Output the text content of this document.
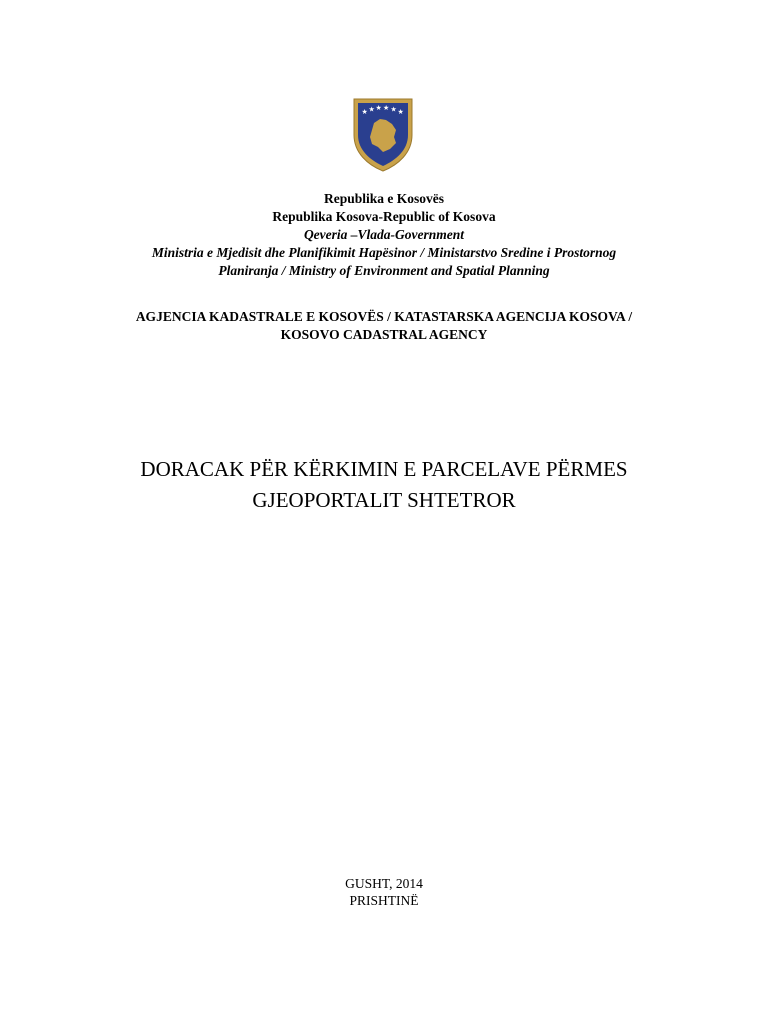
★ ★ ★ ★ ★ ★
Republika e Kosovës
Republika Kosova-Republic of Kosova
Qeveria –Vlada-Government
Ministria e Mjedisit dhe Planifikimit Hapësinor / Ministarstvo Sredine i Prostornog
Planiranja / Ministry of Environment and Spatial Planning
AGJENCIA KADASTRALE E KOSOVËS / KATASTARSKA AGENCIJA KOSOVA /
KOSOVO CADASTRAL AGENCY
DORACAK PËR KËRKIMIN E PARCELAVE PËRMES
GJEOPORTALIT SHTETROR
GUSHT, 2014
PRISHTINË
